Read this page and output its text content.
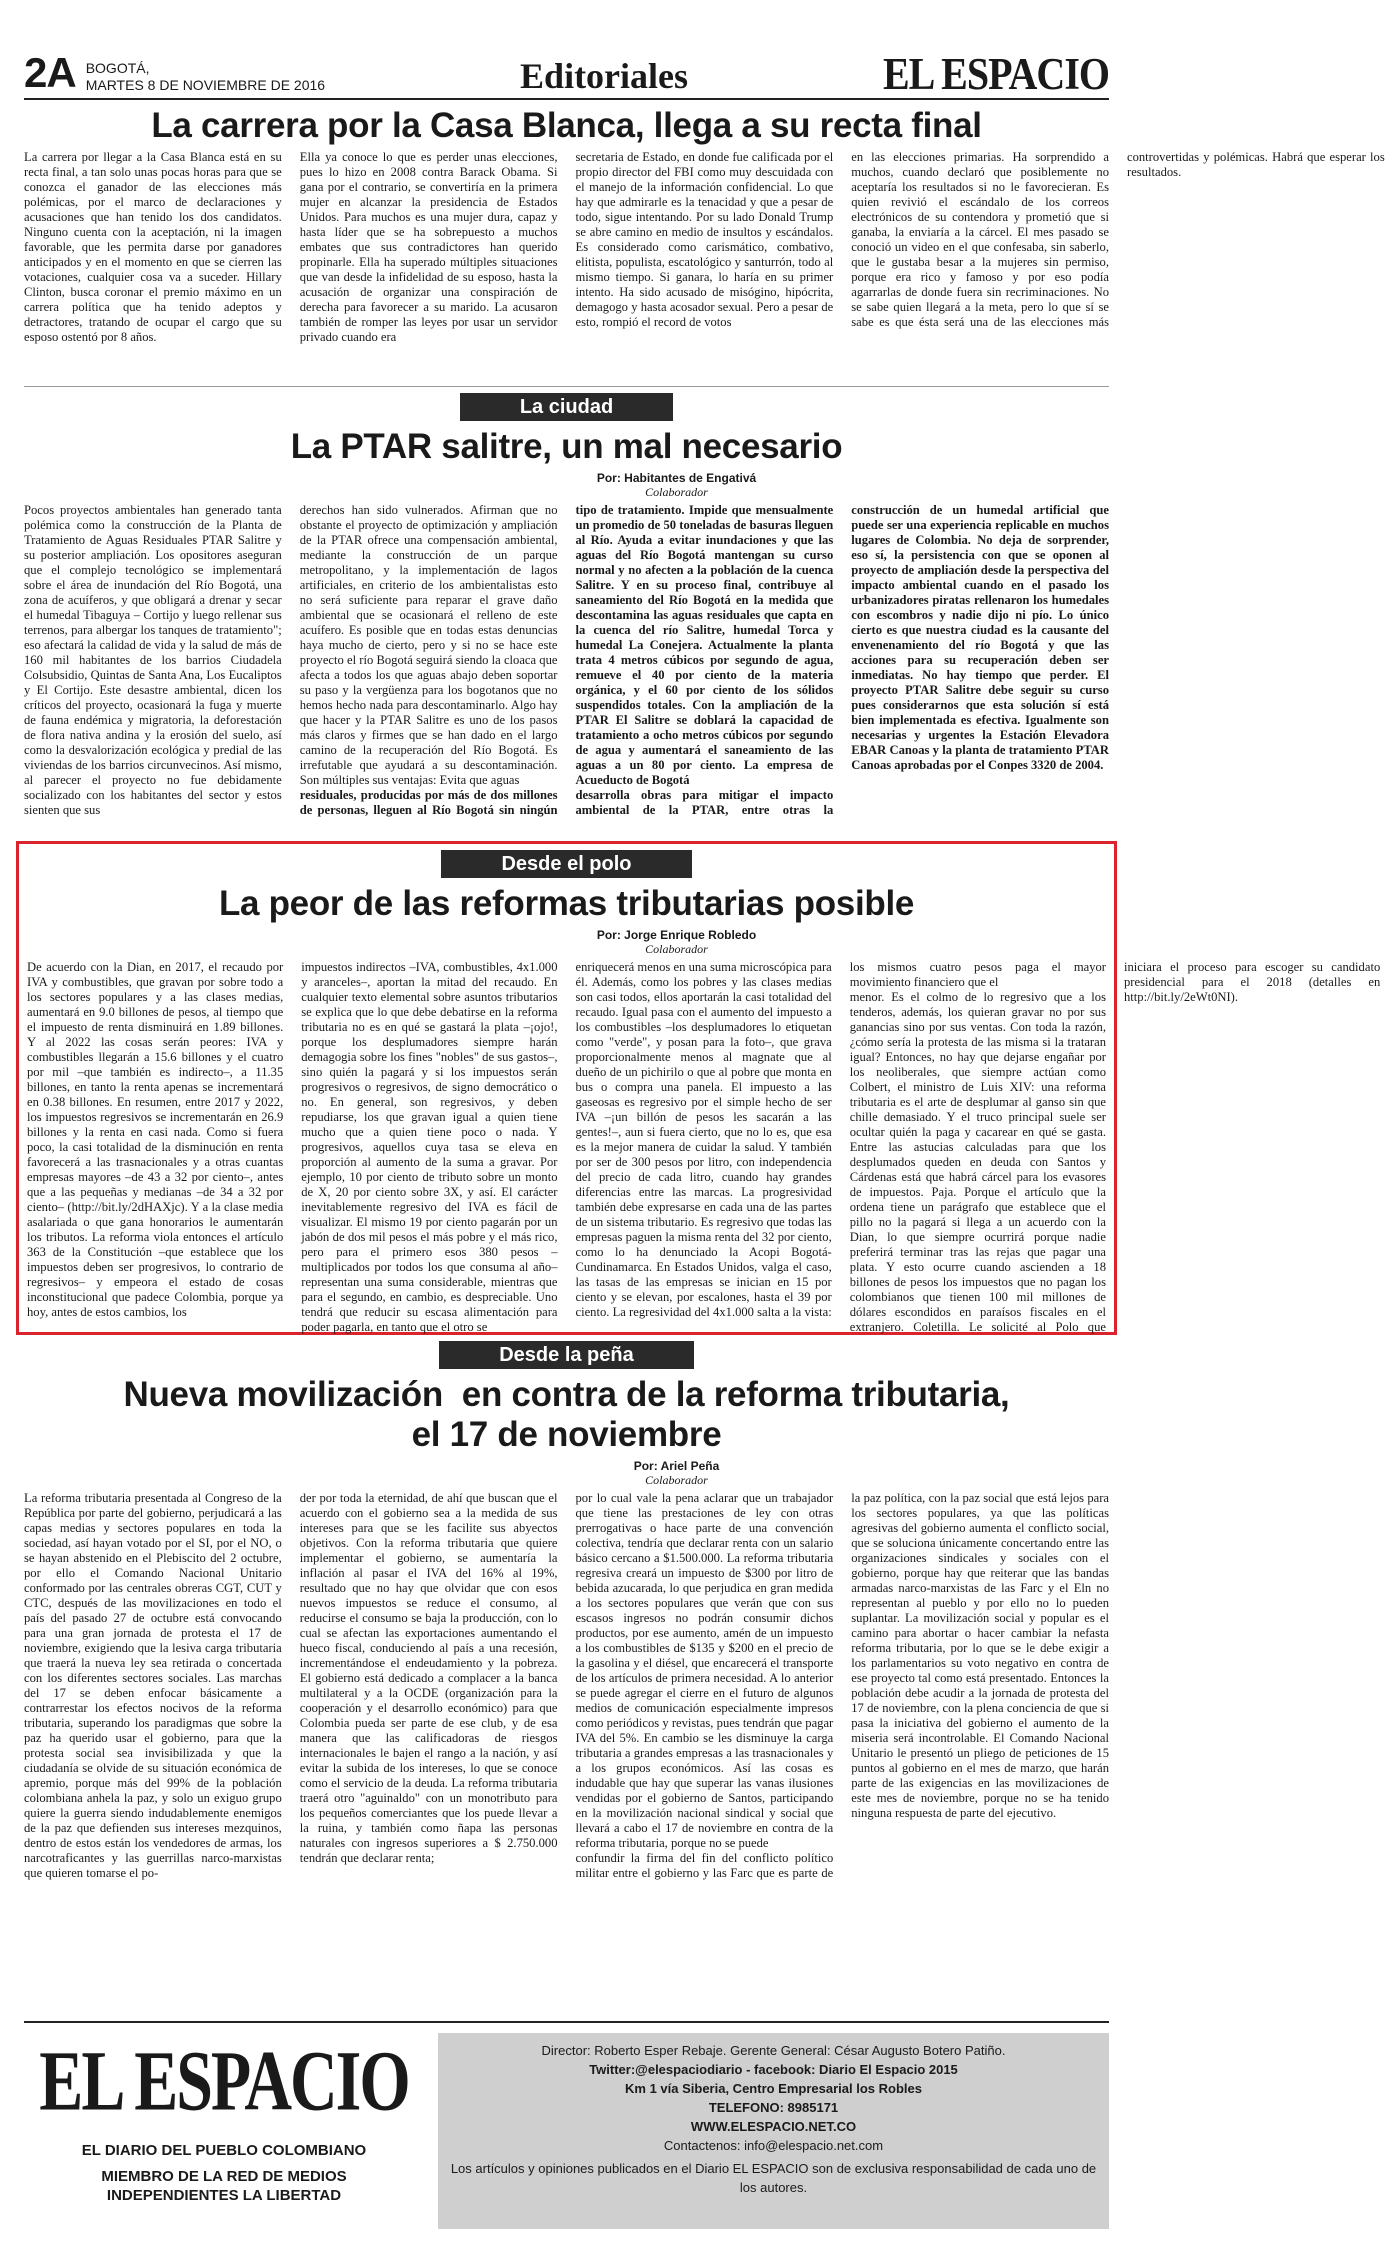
2A BOGOTÁ,
MARTES 8 DE NOVIEMBRE DE 2016	Editoriales	EL ESPACIO
La carrera por la Casa Blanca, llega a su recta final

La carrera por llegar a la Casa Blanca está en su recta final, a tan solo unas pocas horas para que se conozca el ganador de las elecciones más polémicas, por el marco de declaraciones y acusaciones que han tenido los dos candidatos. Ninguno cuenta con la aceptación, ni la imagen favorable, que les permita darse por ganadores anticipados y en el momento en que se cierren las votaciones, cualquier cosa va a suceder. Hillary Clinton, busca coronar el premio máximo en un carrera política que ha tenido adeptos y detractores, tratando de ocupar el cargo que su esposo ostentó por 8 años.

Ella ya conoce lo que es perder unas elecciones, pues lo hizo en 2008 contra Barack Obama. Si gana por el contrario, se convertiría en la primera mujer en alcanzar la presidencia de Estados Unidos. Para muchos es una mujer dura, capaz y hasta líder que se ha sobrepuesto a muchos embates que sus contradictores han querido propinarle. Ella ha superado múltiples situaciones que van desde la infidelidad de su esposo, hasta la acusación de organizar una conspiración de derecha para favorecer a su marido. La acusaron también de romper las leyes por usar un servidor privado cuando era

secretaria de Estado, en donde fue calificada por el propio director del FBI como muy descuidada con el manejo de la información confidencial. Lo que hay que admirarle es la tenacidad y que a pesar de todo, sigue intentando. Por su lado Donald Trump se abre camino en medio de insultos y escándalos. Es considerado como carismático, combativo, elitista, populista, escatológico y santurrón, todo al mismo tiempo. Si ganara, lo haría en su primer intento. Ha sido acusado de misógino, hipócrita, demagogo y hasta acosador sexual. Pero a pesar de esto, rompió el record de votos

en las elecciones primarias. Ha sorprendido a muchos, cuando declaró que posiblemente no aceptaría los resultados si no le favorecieran. Es quien revivió el escándalo de los correos electrónicos de su contendora y prometió que si ganaba, la enviaría a la cárcel. El mes pasado se conoció un video en el que confesaba, sin saberlo, que le gustaba besar a la mujeres sin permiso, porque era rico y famoso y por eso podía agarrarlas de donde fuera sin recriminaciones. No se sabe quien llegará a la meta, pero lo que sí se sabe es que ésta será una de las elecciones más controvertidas y polémicas. Habrá que esperar los resultados.

La ciudad
La PTAR salitre, un mal necesario
Por: Habitantes de Engativá
Colaborador

Pocos proyectos ambientales han generado tanta polémica como la construcción de la Planta de Tratamiento de Aguas Residuales PTAR Salitre y su posterior ampliación. Los opositores aseguran que el complejo tecnológico se implementará sobre el área de inundación del Río Bogotá, una zona de acuíferos, y que obligará a drenar y secar el humedal Tibaguya – Cortijo y luego rellenar sus terrenos, para albergar los tanques de tratamiento"; eso afectará la calidad de vida y la salud de más de 160 mil habitantes de los barrios Ciudadela Colsubsidio, Quintas de Santa Ana, Los Eucaliptos y El Cortijo. Este desastre ambiental, dicen los críticos del proyecto, ocasionará la fuga y muerte de fauna endémica y migratoria, la deforestación de flora nativa andina y la erosión del suelo, así como la desvalorización ecológica y predial de las viviendas de los barrios circunvecinos. Así mismo, al parecer el proyecto no fue debidamente socializado con los habitantes del sector y estos sienten que sus

derechos han sido vulnerados. Afirman que no obstante el proyecto de optimización y ampliación de la PTAR ofrece una compensación ambiental, mediante la construcción de un parque metropolitano, y la implementación de lagos artificiales, en criterio de los ambientalistas esto no será suficiente para reparar el grave daño ambiental que se ocasionará el relleno de este acuífero. Es posible que en todas estas denuncias haya mucho de cierto, pero y si no se hace este proyecto el río Bogotá seguirá siendo la cloaca que afecta a todos los que aguas abajo deben soportar su paso y la vergüenza para los bogotanos que no hemos hecho nada para descontaminarlo. Algo hay que hacer y la PTAR Salitre es uno de los pasos más claros y firmes que se han dado en el largo camino de la recuperación del Río Bogotá. Es irrefutable que ayudará a su descontaminación. Son múltiples sus ventajas: Evita que aguas

residuales, producidas por más de dos millones de personas, lleguen al Río Bogotá sin ningún tipo de tratamiento. Impide que mensualmente un promedio de 50 toneladas de basuras lleguen al Río. Ayuda a evitar inundaciones y que las aguas del Río Bogotá mantengan su curso normal y no afecten a la población de la cuenca Salitre. Y en su proceso final, contribuye al saneamiento del Río Bogotá en la medida que descontamina las aguas residuales que capta en la cuenca del río Salitre, humedal Torca y humedal La Conejera. Actualmente la planta trata 4 metros cúbicos por segundo de agua, remueve el 40 por ciento de la materia orgánica, y el 60 por ciento de los sólidos suspendidos totales. Con la ampliación de la PTAR El Salitre se doblará la capacidad de tratamiento a ocho metros cúbicos por segundo de agua y aumentará el saneamiento de las aguas a un 80 por ciento. La empresa de Acueducto de Bogotá

desarrolla obras para mitigar el impacto ambiental de la PTAR, entre otras la construcción de un humedal artificial que puede ser una experiencia replicable en muchos lugares de Colombia. No deja de sorprender, eso sí, la persistencia con que se oponen al proyecto de ampliación desde la perspectiva del impacto ambiental cuando en el pasado los urbanizadores piratas rellenaron los humedales con escombros y nadie dijo ni pío. Lo único cierto es que nuestra ciudad es la causante del envenenamiento del río Bogotá y que las acciones para su recuperación deben ser inmediatas. No hay tiempo que perder. El proyecto PTAR Salitre debe seguir su curso pues considerarnos que esta solución sí está bien implementada es efectiva. Igualmente son necesarias y urgentes la Estación Elevadora EBAR Canoas y la planta de tratamiento PTAR Canoas aprobadas por el Conpes 3320 de 2004.

Desde el polo
La peor de las reformas tributarias posible
Por: Jorge Enrique Robledo
Colaborador

De acuerdo con la Dian, en 2017, el recaudo por IVA y combustibles, que gravan por sobre todo a los sectores populares y a las clases medias, aumentará en 9.0 billones de pesos, al tiempo que el impuesto de renta disminuirá en 1.89 billones. Y al 2022 las cosas serán peores: IVA y combustibles llegarán a 15.6 billones y el cuatro por mil –que también es indirecto–, a 11.35 billones, en tanto la renta apenas se incrementará en 0.38 billones. En resumen, entre 2017 y 2022, los impuestos regresivos se incrementarán en 26.9 billones y la renta en casi nada. Como si fuera poco, la casi totalidad de la disminución en renta favorecerá a las trasnacionales y a otras cuantas empresas mayores –de 43 a 32 por ciento–, antes que a las pequeñas y medianas –de 34 a 32 por ciento– (http://bit.ly/2dHAXjc). Y a la clase media asalariada o que gana honorarios le aumentarán los tributos. La reforma viola entonces el artículo 363 de la Constitución –que establece que los impuestos deben ser progresivos, lo contrario de regresivos– y empeora el estado de cosas inconstitucional que padece Colombia, porque ya hoy, antes de estos cambios, los

impuestos indirectos –IVA, combustibles, 4x1.000 y aranceles–, aportan la mitad del recaudo. En cualquier texto elemental sobre asuntos tributarios se explica que lo que debe debatirse en la reforma tributaria no es en qué se gastará la plata –¡ojo!, porque los desplumadores siempre harán demagogia sobre los fines "nobles" de sus gastos–, sino quién la pagará y si los impuestos serán progresivos o regresivos, de signo democrático o no. En general, son regresivos, y deben repudiarse, los que gravan igual a quien tiene mucho que a quien tiene poco o nada. Y progresivos, aquellos cuya tasa se eleva en proporción al aumento de la suma a gravar. Por ejemplo, 10 por ciento de tributo sobre un monto de X, 20 por ciento sobre 3X, y así. El carácter inevitablemente regresivo del IVA es fácil de visualizar. El mismo 19 por ciento pagarán por un jabón de dos mil pesos el más pobre y el más rico, pero para el primero esos 380 pesos –multiplicados por todos los que consuma al año– representan una suma considerable, mientras que para el segundo, en cambio, es despreciable. Uno tendrá que reducir su escasa alimentación para poder pagarla, en tanto que el otro se

enriquecerá menos en una suma microscópica para él. Además, como los pobres y las clases medias son casi todos, ellos aportarán la casi totalidad del recaudo. Igual pasa con el aumento del impuesto a los combustibles –los desplumadores lo etiquetan como "verde", y posan para la foto–, que grava proporcionalmente menos al magnate que al dueño de un pichirilo o que al pobre que monta en bus o compra una panela. El impuesto a las gaseosas es regresivo por el simple hecho de ser IVA –¡un billón de pesos les sacarán a las gentes!–, aun si fuera cierto, que no lo es, que esa es la mejor manera de cuidar la salud. Y también por ser de 300 pesos por litro, con independencia del precio de cada litro, cuando hay grandes diferencias entre las marcas. La progresividad también debe expresarse en cada una de las partes de un sistema tributario. Es regresivo que todas las empresas paguen la misma renta del 32 por ciento, como lo ha denunciado la Acopi Bogotá-Cundinamarca. En Estados Unidos, valga el caso, las tasas de las empresas se inician en 15 por ciento y se elevan, por escalones, hasta el 39 por ciento. La regresividad del 4x1.000 salta a la vista: los mismos cuatro pesos paga el mayor movimiento financiero que el

menor. Es el colmo de lo regresivo que a los tenderos, además, los quieran gravar no por sus ganancias sino por sus ventas. Con toda la razón, ¿cómo sería la protesta de las misma si la trataran igual? Entonces, no hay que dejarse engañar por los neoliberales, que siempre actúan como Colbert, el ministro de Luis XIV: una reforma tributaria es el arte de desplumar al ganso sin que chille demasiado. Y el truco principal suele ser ocultar quién la paga y cacarear en qué se gasta. Entre las astucias calculadas para que los desplumados queden en deuda con Santos y Cárdenas está que habrá cárcel para los evasores de impuestos. Paja. Porque el artículo que la ordena tiene un parágrafo que establece que el pillo no la pagará si llega a un acuerdo con la Dian, lo que siempre ocurrirá porque nadie preferirá terminar tras las rejas que pagar una plata. Y esto ocurre cuando ascienden a 18 billones de pesos los impuestos que no pagan los colombianos que tienen 100 mil millones de dólares escondidos en paraísos fiscales en el extranjero. Coletilla. Le solicité al Polo que iniciara el proceso para escoger su candidato presidencial para el 2018 (detalles en http://bit.ly/2eWt0NI).

Desde la peña
Nueva movilización  en contra de la reforma tributaria,
el 17 de noviembre
Por: Ariel Peña
Colaborador

La reforma tributaria presentada al Congreso de la República por parte del gobierno, perjudicará a las capas medias y sectores populares en toda la sociedad, así hayan votado por el SI, por el NO, o se hayan abstenido en el Plebiscito del 2 octubre, por ello el Comando Nacional Unitario conformado por las centrales obreras CGT, CUT y CTC, después de las movilizaciones en todo el país del pasado 27 de octubre está convocando para una gran jornada de protesta el 17 de noviembre, exigiendo que la lesiva carga tributaria que traerá la nueva ley sea retirada o concertada con los diferentes sectores sociales. Las marchas del 17 se deben enfocar básicamente a contrarrestar los efectos nocivos de la reforma tributaria, superando los paradigmas que sobre la paz ha querido usar el gobierno, para que la protesta social sea invisibilizada y que la ciudadanía se olvide de su situación económica de apremio, porque más del 99% de la población colombiana anhela la paz, y solo un exiguo grupo quiere la guerra siendo indudablemente enemigos de la paz que defienden sus intereses mezquinos, dentro de estos están los vendedores de armas, los narcotraficantes y las guerrillas narco-marxistas que quieren tomarse el po-

der por toda la eternidad, de ahí que buscan que el acuerdo con el gobierno sea a la medida de sus intereses para que se les facilite sus abyectos objetivos. Con la reforma tributaria que quiere implementar el gobierno, se aumentaría la inflación al pasar el IVA del 16% al 19%, resultado que no hay que olvidar que con esos nuevos impuestos se reduce el consumo, al reducirse el consumo se baja la producción, con lo cual se afectan las exportaciones aumentando el hueco fiscal, conduciendo al país a una recesión, incrementándose el endeudamiento y la pobreza. El gobierno está dedicado a complacer a la banca multilateral y a la OCDE (organización para la cooperación y el desarrollo económico) para que Colombia pueda ser parte de ese club, y de esa manera que las calificadoras de riesgos internacionales le bajen el rango a la nación, y así evitar la subida de los intereses, lo que se conoce como el servicio de la deuda. La reforma tributaria traerá otro "aguinaldo" con un monotributo para los pequeños comerciantes que los puede llevar a la ruina, y también como ñapa las personas naturales con ingresos superiores a $ 2.750.000 tendrán que declarar renta;

por lo cual vale la pena aclarar que un trabajador que tiene las prestaciones de ley con otras prerrogativas o hace parte de una convención colectiva, tendría que declarar renta con un salario básico cercano a $1.500.000. La reforma tributaria regresiva creará un impuesto de $300 por litro de bebida azucarada, lo que perjudica en gran medida a los sectores populares que verán que con sus escasos ingresos no podrán consumir dichos productos, por ese aumento, amén de un impuesto a los combustibles de $135 y $200 en el precio de la gasolina y el diésel, que encarecerá el transporte de los artículos de primera necesidad. A lo anterior se puede agregar el cierre en el futuro de algunos medios de comunicación especialmente impresos como periódicos y revistas, pues tendrán que pagar IVA del 5%. En cambio se les disminuye la carga tributaria a grandes empresas a las trasnacionales y a los grupos económicos. Así las cosas es indudable que hay que superar las vanas ilusiones vendidas por el gobierno de Santos, participando en la movilización nacional sindical y social que llevará a cabo el 17 de noviembre en contra de la reforma tributaria, porque no se puede

confundir la firma del fin del conflicto político militar entre el gobierno y las Farc que es parte de la paz política, con la paz social que está lejos para los sectores populares, ya que las políticas agresivas del gobierno aumenta el conflicto social, que se soluciona únicamente concertando entre las organizaciones sindicales y sociales con el gobierno, porque hay que reiterar que las bandas armadas narco-marxistas de las Farc y el Eln no representan al pueblo y por ello no lo pueden suplantar. La movilización social y popular es el camino para abortar o hacer cambiar la nefasta reforma tributaria, por lo que se le debe exigir a los parlamentarios su voto negativo en contra de ese proyecto tal como está presentado. Entonces la población debe acudir a la jornada de protesta del 17 de noviembre, con la plena conciencia de que si pasa la iniciativa del gobierno el aumento de la miseria será incontrolable. El Comando Nacional Unitario le presentó un pliego de peticiones de 15 puntos al gobierno en el mes de marzo, que harán parte de las exigencias en las movilizaciones de este mes de noviembre, porque no se ha tenido ninguna respuesta de parte del ejecutivo.

EL ESPACIO
EL DIARIO DEL PUEBLO COLOMBIANO
MIEMBRO DE LA RED DE MEDIOS
INDEPENDIENTES LA LIBERTAD
Director: Roberto Esper Rebaje. Gerente General: César Augusto Botero Patiño.
Twitter:@elespaciodiario - facebook: Diario El Espacio 2015
Km 1 vía Siberia, Centro Empresarial los Robles
TELEFONO: 8985171
WWW.ELESPACIO.NET.CO
Contactenos: info@elespacio.net.com
Los artículos y opiniones publicados en el Diario EL ESPACIO son de exclusiva responsabilidad de cada uno de los autores.
